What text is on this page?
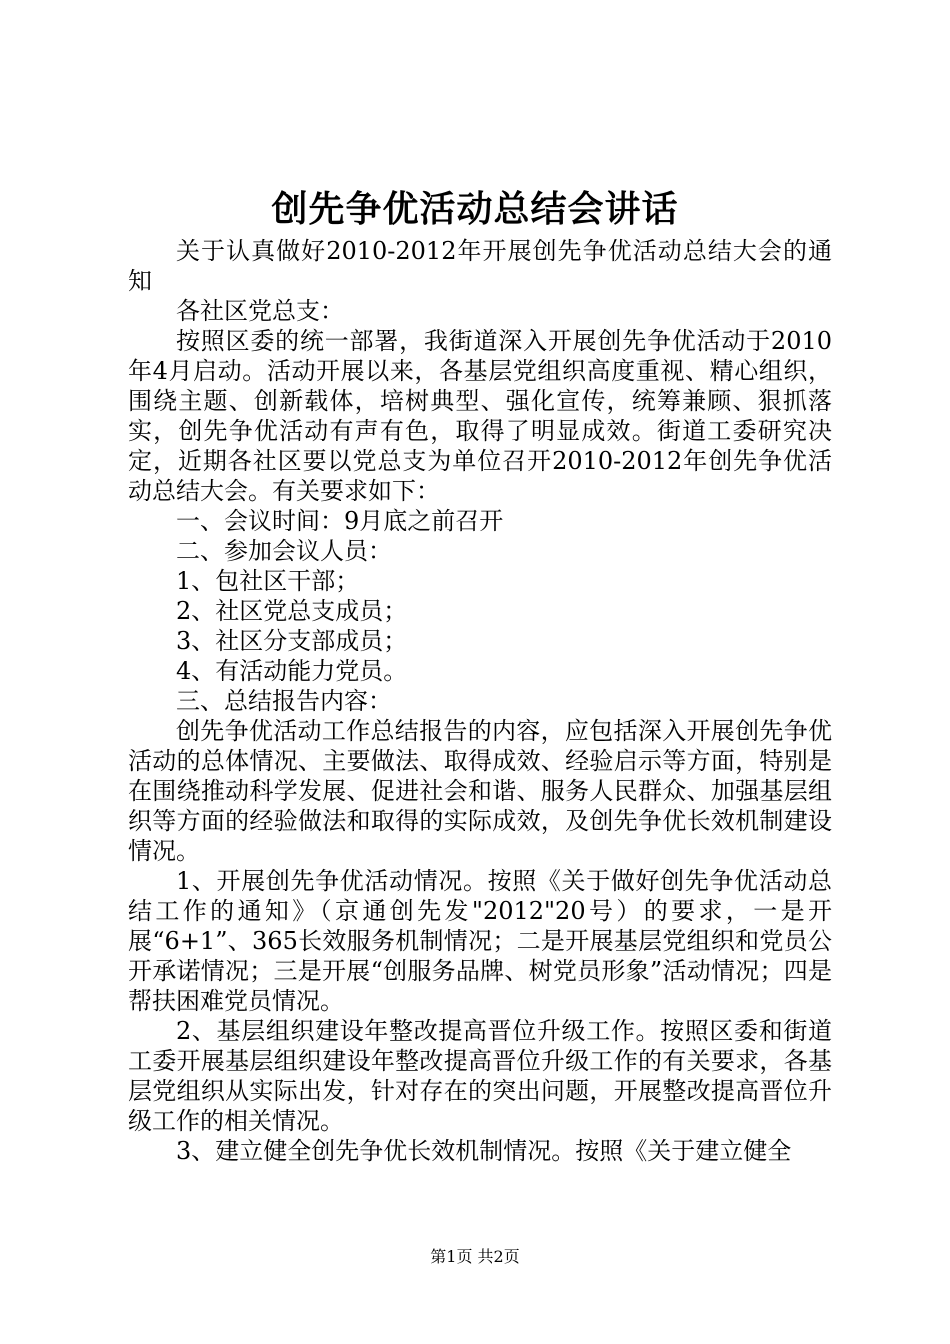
创先争优活动总结会讲话

关于认真做好2010-2012年开展创先争优活动总结大会的通知

各社区党总支：

按照区委的统一部署，我街道深入开展创先争优活动于2010年4月启动。活动开展以来，各基层党组织高度重视、精心组织，围绕主题、创新载体，培树典型、强化宣传，统筹兼顾、狠抓落实，创先争优活动有声有色，取得了明显成效。街道工委研究决定，近期各社区要以党总支为单位召开2010-2012年创先争优活动总结大会。有关要求如下：

一、会议时间：9月底之前召开

二、参加会议人员：

1、包社区干部；

2、社区党总支成员；

3、社区分支部成员；

4、有活动能力党员。

三、总结报告内容：

创先争优活动工作总结报告的内容，应包括深入开展创先争优活动的总体情况、主要做法、取得成效、经验启示等方面，特别是在围绕推动科学发展、促进社会和谐、服务人民群众、加强基层组织等方面的经验做法和取得的实际成效，及创先争优长效机制建设情况。

1、开展创先争优活动情况。按照《关于做好创先争优活动总结工作的通知》（京通创先发"2012"20号）的要求，一是开展“6+1”、365长效服务机制情况；二是开展基层党组织和党员公开承诺情况；三是开展“创服务品牌、树党员形象”活动情况；四是帮扶困难党员情况。

2、基层组织建设年整改提高晋位升级工作。按照区委和街道工委开展基层组织建设年整改提高晋位升级工作的有关要求，各基层党组织从实际出发，针对存在的突出问题，开展整改提高晋位升级工作的相关情况。

3、建立健全创先争优长效机制情况。按照《关于建立健全

第1页 共2页
